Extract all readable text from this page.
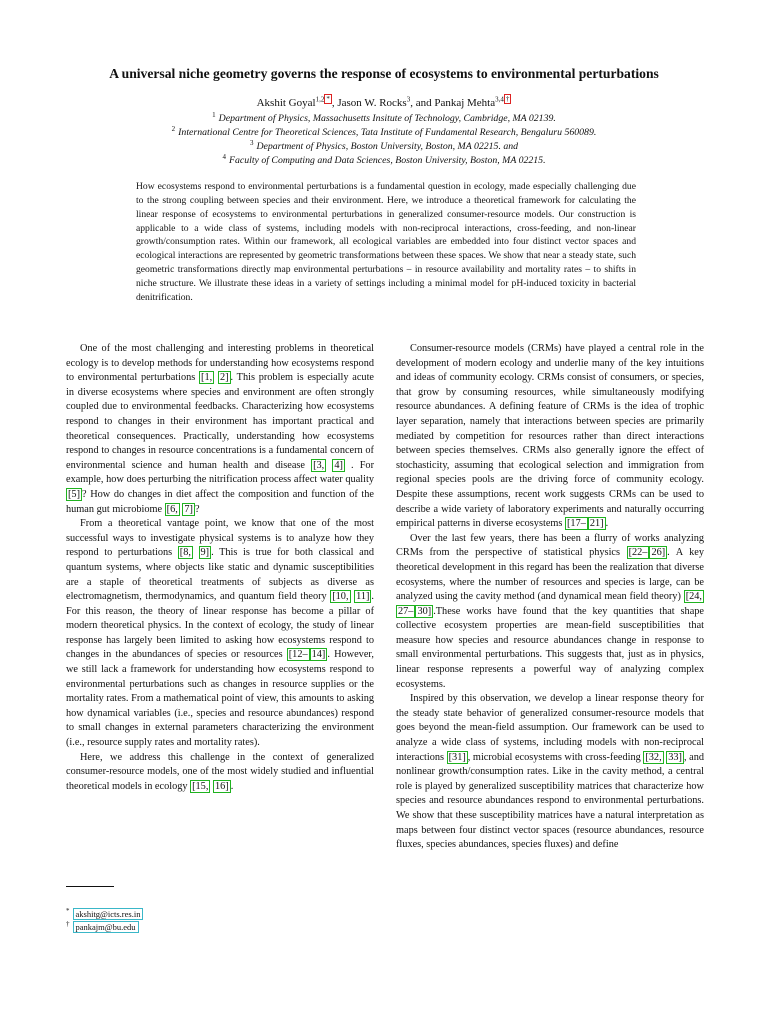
A universal niche geometry governs the response of ecosystems to environmental perturbations
Akshit Goyal$^{1,2}$ * , Jason W. Rocks$^3$, and Pankaj Mehta$^{3,4}$ †
$^1$ Department of Physics, Massachusetts Insitute of Technology, Cambridge, MA 02139.
$^2$ International Centre for Theoretical Sciences, Tata Institute of Fundamental Research, Bengaluru 560089.
$^3$ Department of Physics, Boston University, Boston, MA 02215. and
$^4$ Faculty of Computing and Data Sciences, Boston University, Boston, MA 02215.
How ecosystems respond to environmental perturbations is a fundamental question in ecology, made especially challenging due to the strong coupling between species and their environment. Here, we introduce a theoretical framework for calculating the linear response of ecosystems to environmental perturbations in generalized consumer-resource models. Our construction is applicable to a wide class of systems, including models with non-reciprocal interactions, cross-feeding, and non-linear growth/consumption rates. Within our framework, all ecological variables are embedded into four distinct vector spaces and ecological interactions are represented by geometric transformations between these spaces. We show that near a steady state, such geometric transformations directly map environmental perturbations – in resource availability and mortality rates – to shifts in niche structure. We illustrate these ideas in a variety of settings including a minimal model for pH-induced toxicity in bacterial denitrification.

One of the most challenging and interesting problems in theoretical ecology is to develop methods for understanding how ecosystems respond to environmental perturbations [1, 2] . This problem is especially acute in diverse ecosystems where species and environment are often strongly coupled due to environmental feedbacks. Characterizing how ecosystems respond to changes in their environment has important practical and theoretical consequences. Practically, understanding how ecosystems respond to changes in resource concentrations is a fundamental concern of environmental science and human health and disease [3, 4] . For example, how does perturbing the nitrification process affect water quality [5] ? How do changes in diet affect the composition and function of the human gut microbiome [6, 7] ?

From a theoretical vantage point, we know that one of the most successful ways to investigate physical systems is to analyze how they respond to perturbations [8, 9] . This is true for both classical and quantum systems, where objects like static and dynamic susceptibilities are a staple of theoretical treatments of subjects as diverse as electromagnetism, thermodynamics, and quantum field theory [10, 11] . For this reason, the theory of linear response has become a pillar of modern theoretical physics. In the context of ecology, the study of linear response has largely been limited to asking how ecosystems respond to changes in the abundances of species or resources [12– 14] . However, we still lack a framework for understanding how ecosystems respond to environmental perturbations such as changes in resource supplies or the mortality rates. From a mathematical point of view, this amounts to asking how dynamical variables (i.e., species and resource abundances) respond to small changes in external parameters characterizing the environment (i.e., resource supply rates and mortality rates).

Here, we address this challenge in the context of generalized consumer-resource models, one of the most widely studied and influential theoretical models in ecology [15, 16] .

Consumer-resource models (CRMs) have played a central role in the development of modern ecology and underlie many of the key intuitions and ideas of community ecology. CRMs consist of consumers, or species, that grow by consuming resources, while simultaneously modifying resource abundances. A defining feature of CRMs is the idea of trophic layer separation, namely that interactions between species are primarily mediated by competition for resources rather than direct interactions between species themselves. CRMs also generally ignore the effect of stochasticity, assuming that ecological selection and immigration from regional species pools are the driving force of community ecology. Despite these assumptions, recent work suggests CRMs can be used to describe a wide variety of laboratory experiments and naturally occurring empirical patterns in diverse ecosystems [17– 21] .

Over the last few years, there has been a flurry of works analyzing CRMs from the perspective of statistical physics [22– 26] . A key theoretical development in this regard has been the realization that diverse ecosystems, where the number of resources and species is large, can be analyzed using the cavity method (and dynamical mean field theory) [24, 27– 30] .These works have found that the key quantities that shape collective ecosystem properties are mean-field susceptibilities that measure how species and resource abundances change in response to small environmental perturbations. This suggests that, just as in physics, linear response represents a powerful way of analyzing complex ecosystems.

Inspired by this observation, we develop a linear response theory for the steady state behavior of generalized consumer-resource models that goes beyond the mean-field assumption. Our framework can be used to analyze a wide class of systems, including models with non-reciprocal interactions [31] , microbial ecosystems with cross-feeding [32, 33] , and nonlinear growth/consumption rates. Like in the cavity method, a central role is played by generalized susceptibility matrices that characterize how species and resource abundances respond to environmental perturbations. We show that these susceptibility matrices have a natural interpretation as maps between four distinct vector spaces (resource abundances, resource fluxes, species abundances, species fluxes) and define

* akshitg@icts.res.in
† pankajm@bu.edu
